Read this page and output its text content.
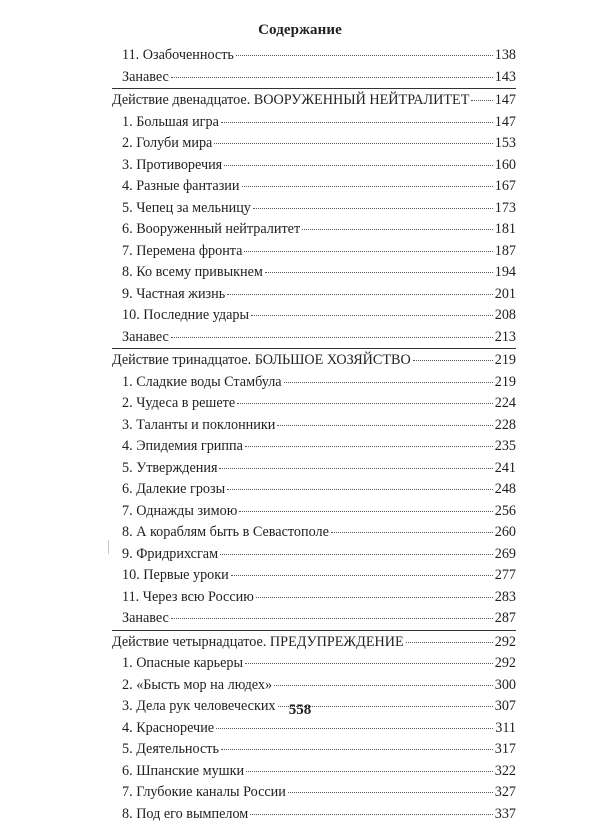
Содержание
11. Озабоченность	138
Занавес	143
Действие двенадцатое. ВООРУЖЕННЫЙ НЕЙТРАЛИТЕТ 147
1. Большая игра	147
2. Голуби мира	153
3. Противоречия	160
4. Разные фантазии	167
5. Чепец за мельницу	173
6. Вооруженный нейтралитет	181
7. Перемена фронта	187
8. Ко всему привыкнем	194
9. Частная жизнь	201
10. Последние удары	208
Занавес	213
Действие тринадцатое. БОЛЬШОЕ ХОЗЯЙСТВО	219
1. Сладкие воды Стамбула	219
2. Чудеса в решете	224
3. Таланты и поклонники	228
4. Эпидемия гриппа	235
5. Утверждения	241
6. Далекие грозы	248
7. Однажды зимою	256
8. А кораблям быть в Севастополе	260
9. Фридрихсгам	269
10. Первые уроки	277
11. Через всю Россию	283
Занавес	287
Действие четырнадцатое. ПРЕДУПРЕЖДЕНИЕ	292
1. Опасные карьеры	292
2. «Бысть мор на людех»	300
3. Дела рук человеческих	307
4. Красноречие	311
5. Деятельность	317
6. Шпанские мушки	322
7. Глубокие каналы России	327
8. Под его вымпелом	337
558
